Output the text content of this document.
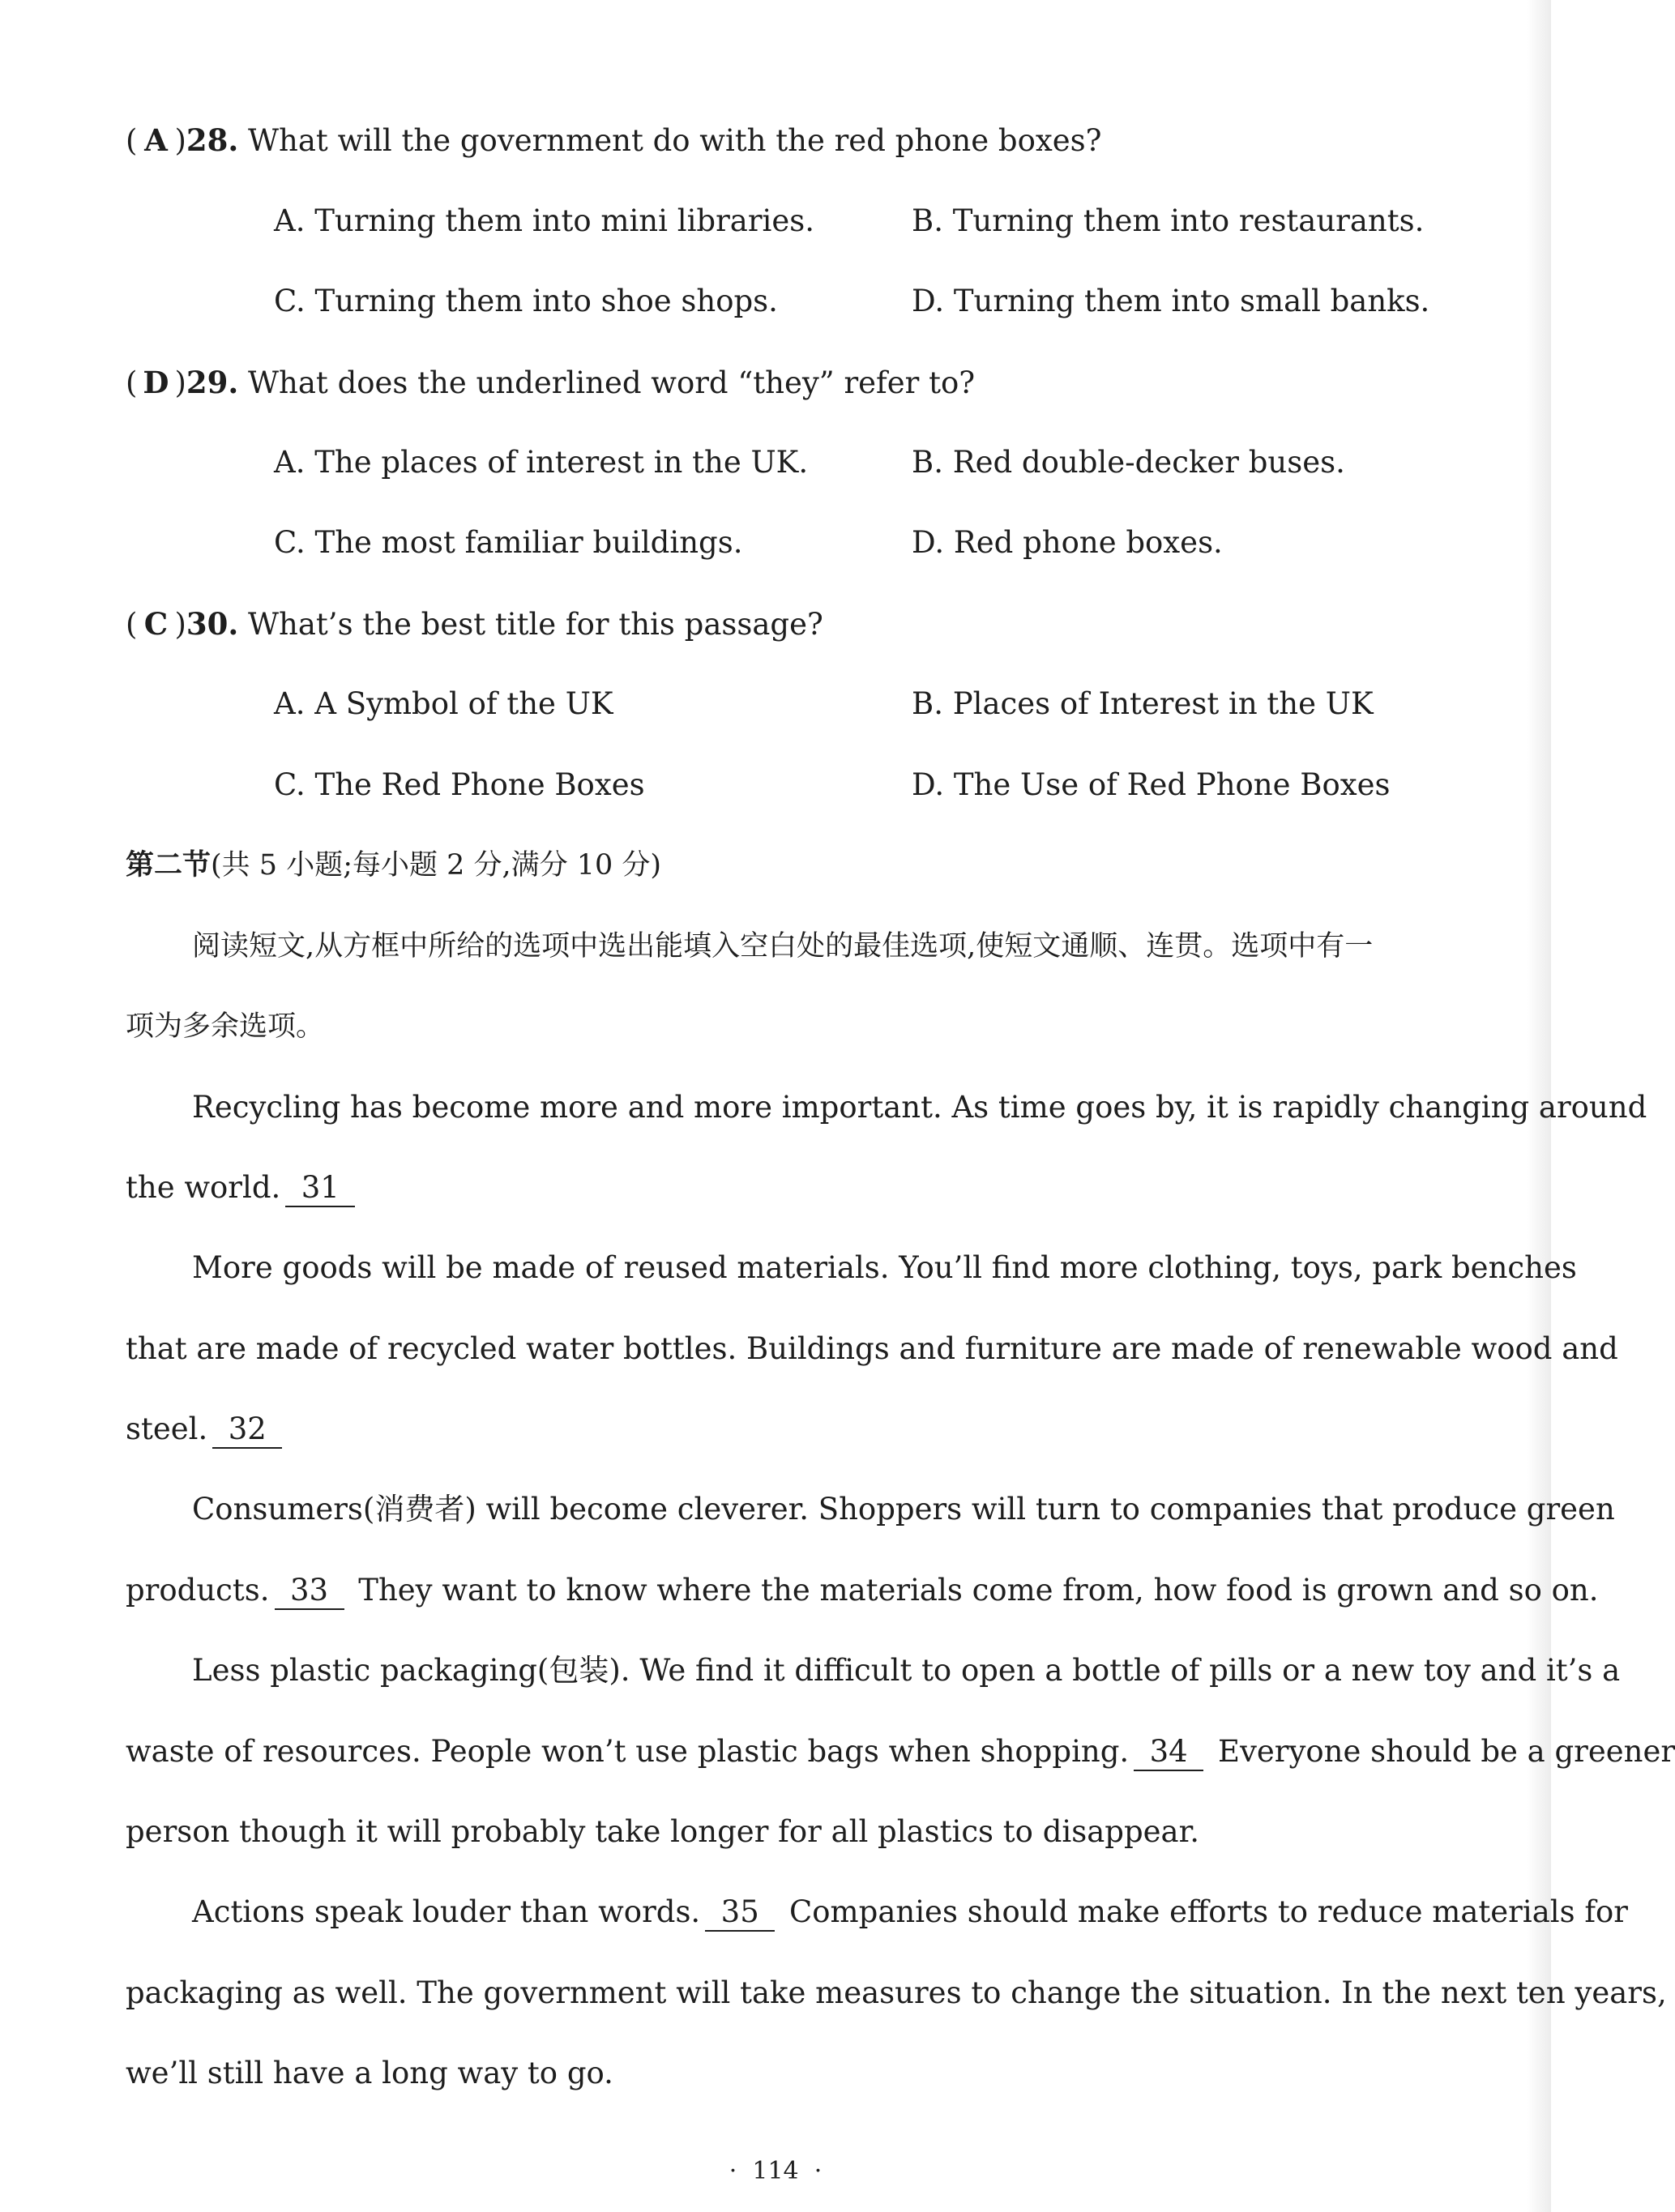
( A )28. What will the government do with the red phone boxes?
A. Turning them into mini libraries.	B. Turning them into restaurants.
C. Turning them into shoe shops.	D. Turning them into small banks.
( D )29. What does the underlined word “they” refer to?
A. The places of interest in the UK.	B. Red double-decker buses.
C. The most familiar buildings.	D. Red phone boxes.
( C )30. What’s the best title for this passage?
A. A Symbol of the UK	B. Places of Interest in the UK
C. The Red Phone Boxes	D. The Use of Red Phone Boxes
第二节(共 5 小题;每小题 2 分,满分 10 分)
阅读短文,从方框中所给的选项中选出能填入空白处的最佳选项,使短文通顺、连贯。选项中有一
项为多余选项。
Recycling has become more and more important. As time goes by, it is rapidly changing around
the world. 31
More goods will be made of reused materials. You’ll find more clothing, toys, park benches
that are made of recycled water bottles. Buildings and furniture are made of renewable wood and
steel. 32
Consumers(消费者) will become cleverer. Shoppers will turn to companies that produce green
products. 33 They want to know where the materials come from, how food is grown and so on.
Less plastic packaging(包装). We find it difficult to open a bottle of pills or a new toy and it’s a
waste of resources. People won’t use plastic bags when shopping. 34 Everyone should be a greener
person though it will probably take longer for all plastics to disappear.
Actions speak louder than words. 35 Companies should make efforts to reduce materials for
packaging as well. The government will take measures to change the situation. In the next ten years,
we’ll still have a long way to go.
·  114  ·
